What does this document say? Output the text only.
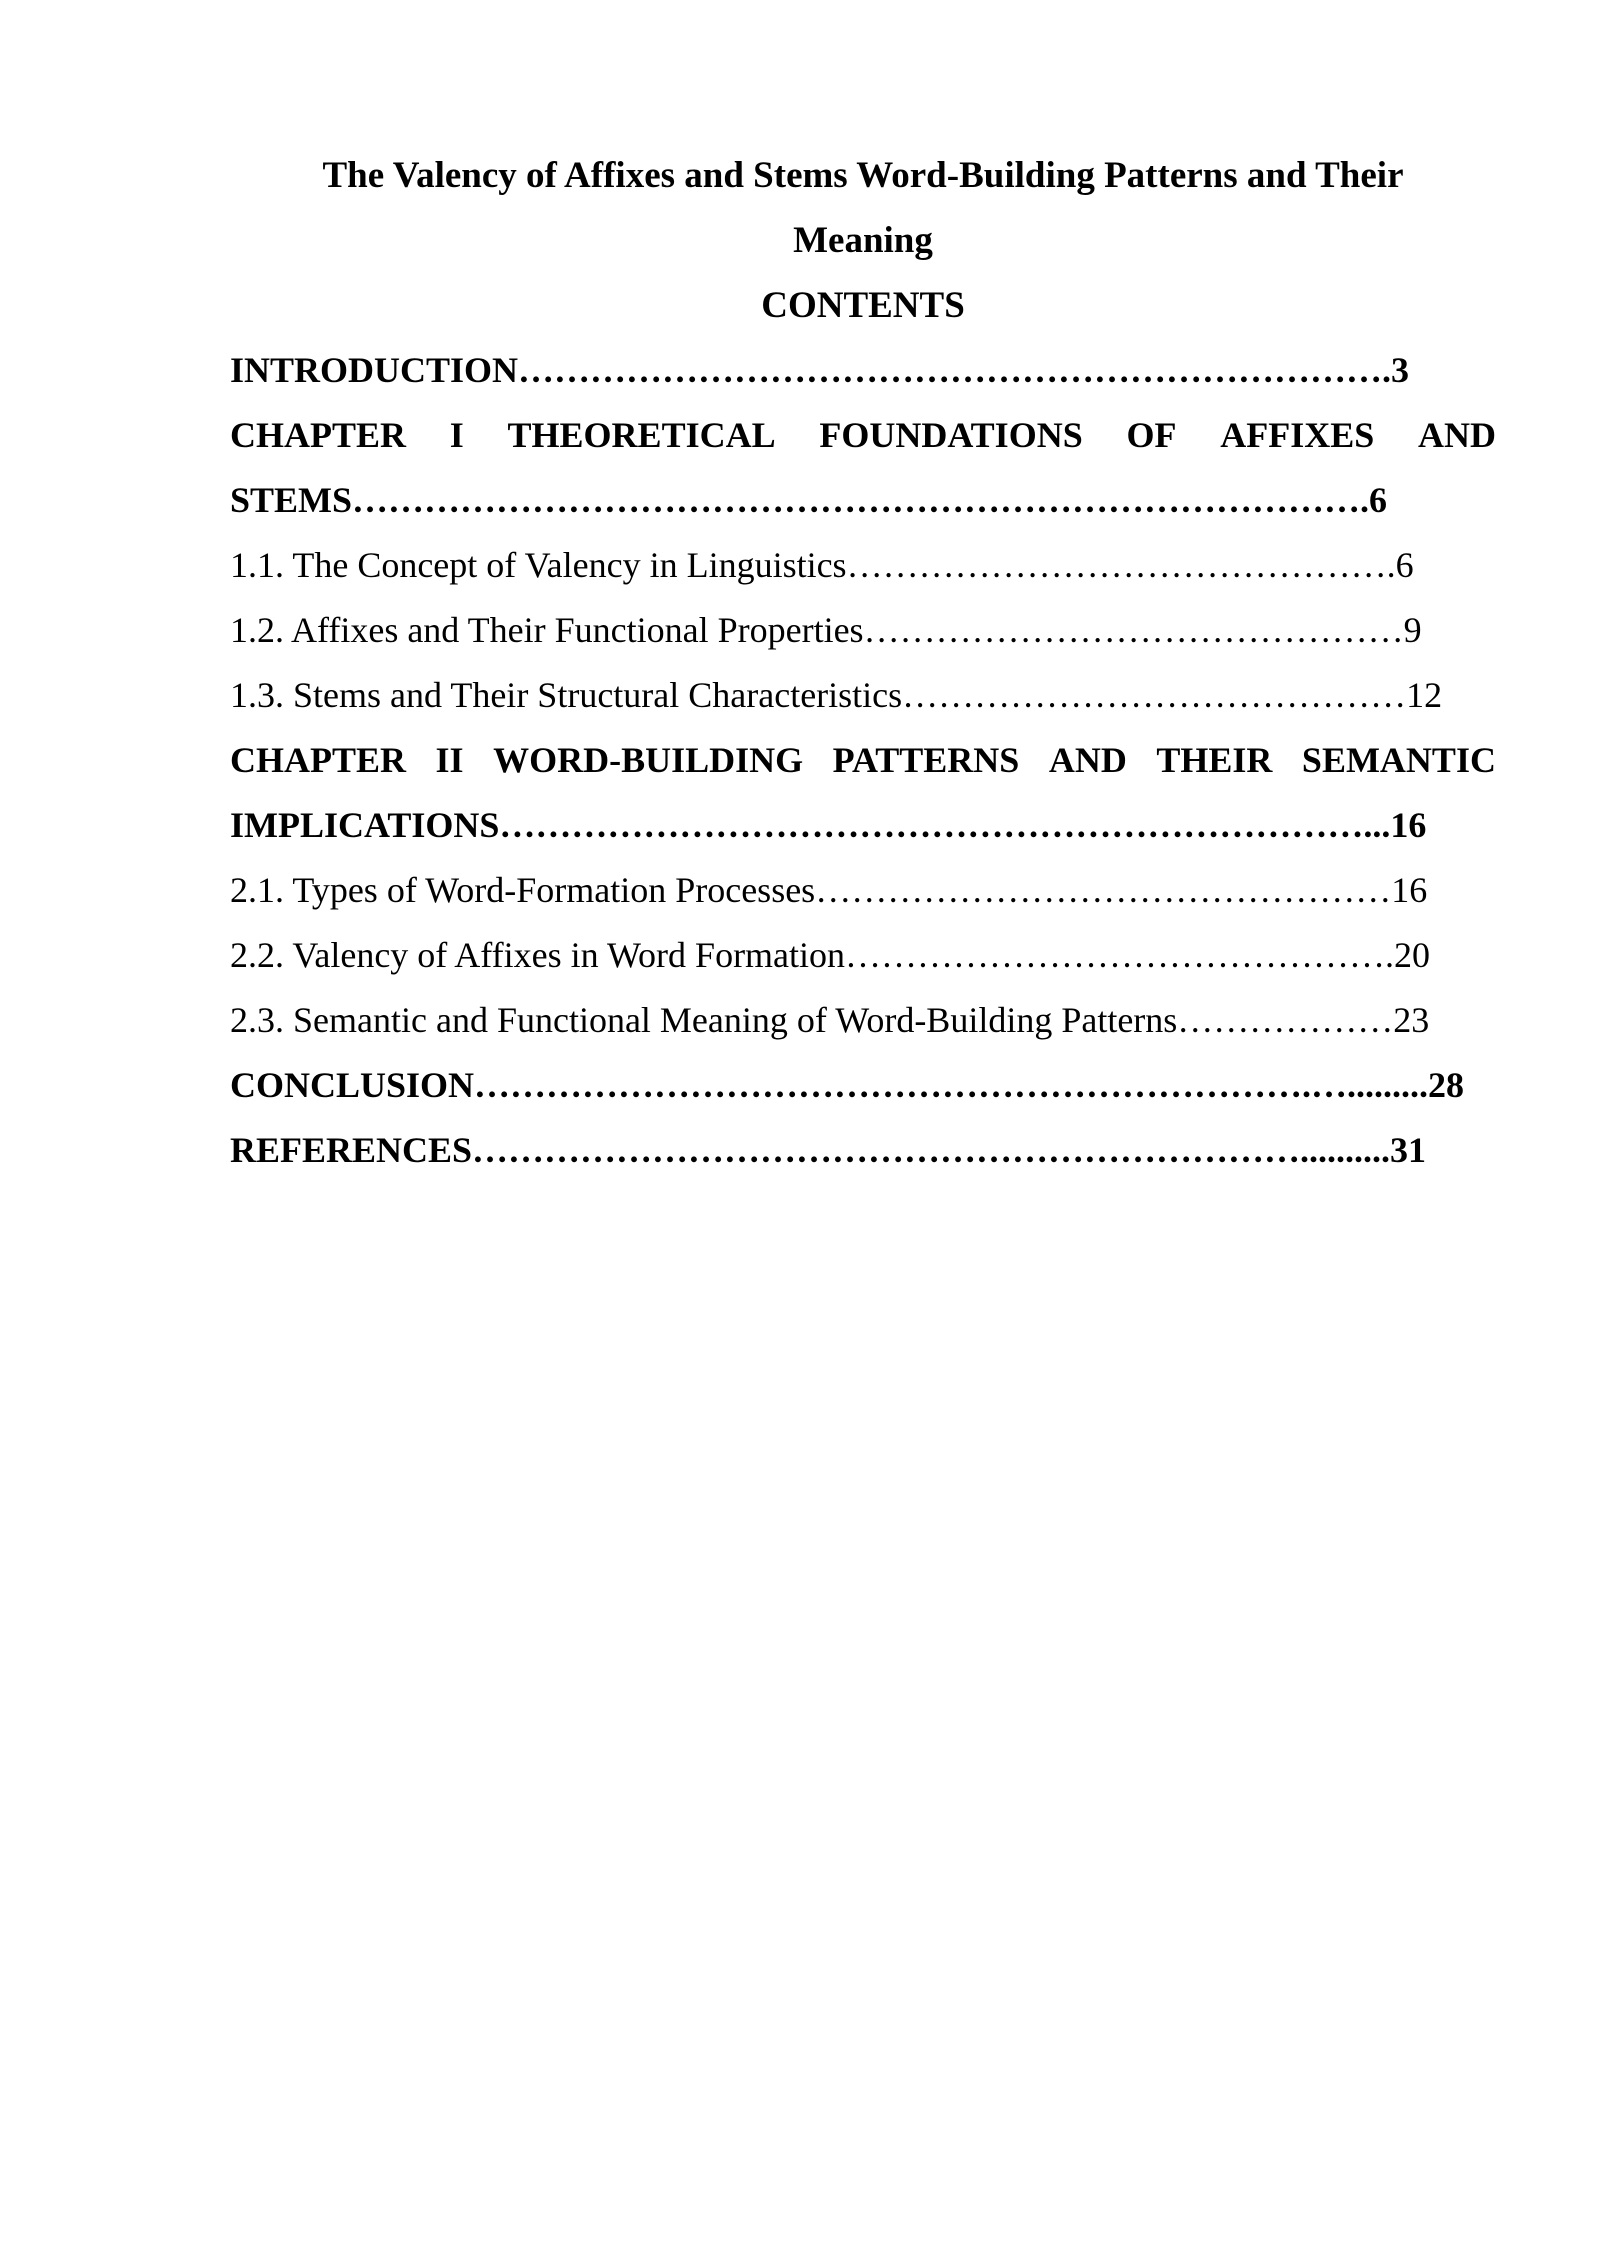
The Valency of Affixes and Stems Word-Building Patterns and Their
Meaning
CONTENTS
INTRODUCTION……………………………………………………………….3
CHAPTER I THEORETICAL FOUNDATIONS OF AFFIXES AND
STEMS………………………………………………………………………….6
1.1. The Concept of Valency in Linguistics……………………………………….6
1.2. Affixes and Their Functional Properties………………………………………9
1.3. Stems and Their Structural Characteristics……………………………………12
CHAPTER II WORD-BUILDING PATTERNS AND THEIR SEMANTIC
IMPLICATIONS………………………………………………………………...16
2.1. Types of Word-Formation Processes…………………………………………16
2.2. Valency of Affixes in Word Formation……………………………………….20
2.3. Semantic and Functional Meaning of Word-Building Patterns………………23
CONCLUSION…………………………………………………………….….........28
REFERENCES……………………………………………………………..........31
